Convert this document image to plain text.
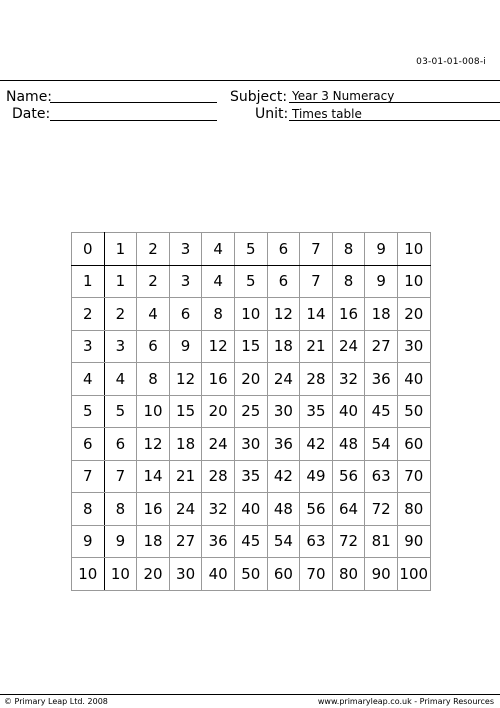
03-01-01-008-i
Name:
Date:
Subject: Year 3 Numeracy
Unit: Times table
0	1	2	3	4	5	6	7	8	9	10
1	1	2	3	4	5	6	7	8	9	10
2	2	4	6	8	10	12	14	16	18	20
3	3	6	9	12	15	18	21	24	27	30
4	4	8	12	16	20	24	28	32	36	40
5	5	10	15	20	25	30	35	40	45	50
6	6	12	18	24	30	36	42	48	54	60
7	7	14	21	28	35	42	49	56	63	70
8	8	16	24	32	40	48	56	64	72	80
9	9	18	27	36	45	54	63	72	81	90
10	10	20	30	40	50	60	70	80	90	100
© Primary Leap Ltd. 2008	www.primaryleap.co.uk - Primary Resources
